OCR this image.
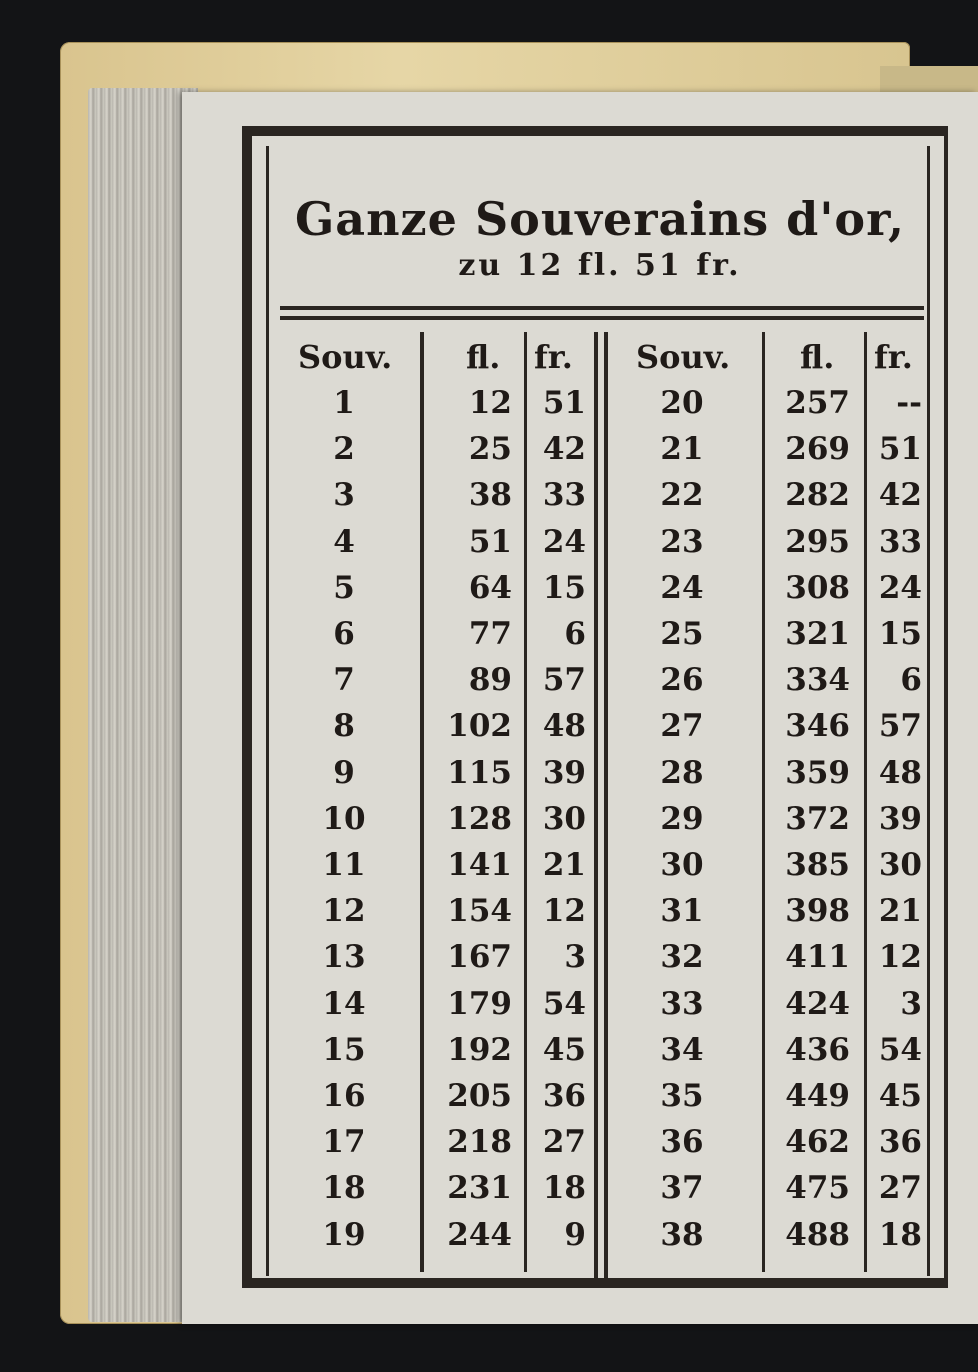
Ganze Souverains d'or,
zu 12 fl. 51 fr.
Souv. fl. fr. Souv. fl. fr.
1	12 51
2	25 42
3	38 33
4	51 24
5	64 15
6	77	6
7	89 57
8	102 48
9	115 39
10	128 30
11	141 21
12	154 12
13	167	3
14	179 54
15	192 45
16	205 36
17	218 27
18	231 18
19	244	9
20	257	--
21	269 51
22	282 42
23	295 33
24	308 24
25	321 15
26	334	6
27	346 57
28	359 48
29	372 39
30	385 30
31	398 21
32	411 12
33	424	3
34	436 54
35	449 45
36	462 36
37	475 27
38	488 18
